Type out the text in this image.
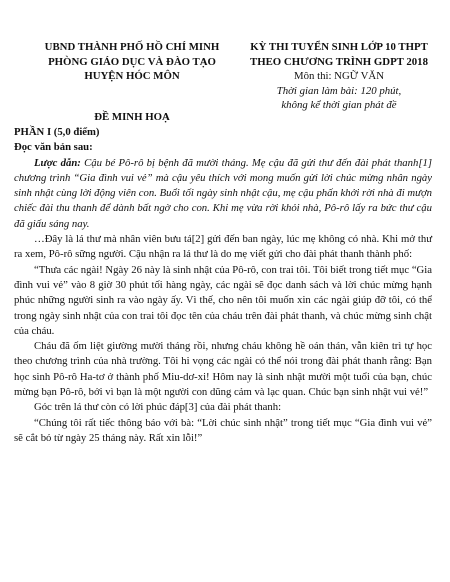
UBND THÀNH PHỐ HỒ CHÍ MINH
PHÒNG GIÁO DỤC VÀ ĐÀO TẠO
HUYỆN HÓC MÔN
ĐỀ MINH HOẠ
KỲ THI TUYỂN SINH LỚP 10 THPT
THEO CHƯƠNG TRÌNH GDPT 2018
Môn thi: NGỮ VĂN
Thời gian làm bài: 120 phút,
không kể thời gian phát đề

PHẦN I (5,0 điểm)

Đọc văn bản sau:

Lược dẫn: Cậu bé Pô-rô bị bệnh đã mười tháng. Mẹ cậu đã gửi thư đến đài phát thanh[1] chương trình “Gia đình vui vẻ” mà cậu yêu thích với mong muốn gửi lời chúc mừng nhân ngày sinh nhật cùng lời động viên con. Buổi tối ngày sinh nhật cậu, mẹ cậu phấn khởi rời nhà đi mượn chiếc đài thu thanh để dành bất ngờ cho con. Khi mẹ vừa rời khỏi nhà, Pô-rô lấy ra bức thư cậu đã giấu sáng nay.

…Đây là lá thư mà nhân viên bưu tá[2] gửi đến ban ngày, lúc mẹ không có nhà. Khi mở thư ra xem, Pô-rô sững người. Cậu nhận ra lá thư là do mẹ viết gửi cho đài phát thanh thành phố:

“Thưa các ngài! Ngày 26 này là sinh nhật của Pô-rô, con trai tôi. Tôi biết trong tiết mục “Gia đình vui vẻ” vào 8 giờ 30 phút tối hàng ngày, các ngài sẽ đọc danh sách và lời chúc mừng hạnh phúc những người sinh ra vào ngày ấy. Vì thế, cho nên tôi muốn xin các ngài giúp đỡ tôi, có thể trong ngày sinh nhật của con trai tôi đọc tên của cháu trên đài phát thanh, và chúc mừng sinh chật của cháu.

Cháu đã ốm liệt giường mười tháng rồi, nhưng cháu không hề oán thán, vẫn kiên trì tự học theo chương trình của nhà trường. Tôi hi vọng các ngài có thể nói trong đài phát thanh rằng: Bạn học sinh Pô-rô Ha-tơ ở thành phố Miu-dơ-xi! Hôm nay là sinh nhật mười một tuổi của bạn, chúc mừng bạn Pô-rô, bởi vì bạn là một người con dũng cảm và lạc quan. Chúc bạn sinh nhật vui vẻ!”

Góc trên lá thư còn có lời phúc đáp[3] của đài phát thanh:

“Chúng tôi rất tiếc thông báo với bà: “Lời chúc sinh nhật” trong tiết mục “Gia đình vui vẻ” sẽ cắt bỏ từ ngày 25 tháng này. Rất xin lỗi!”
